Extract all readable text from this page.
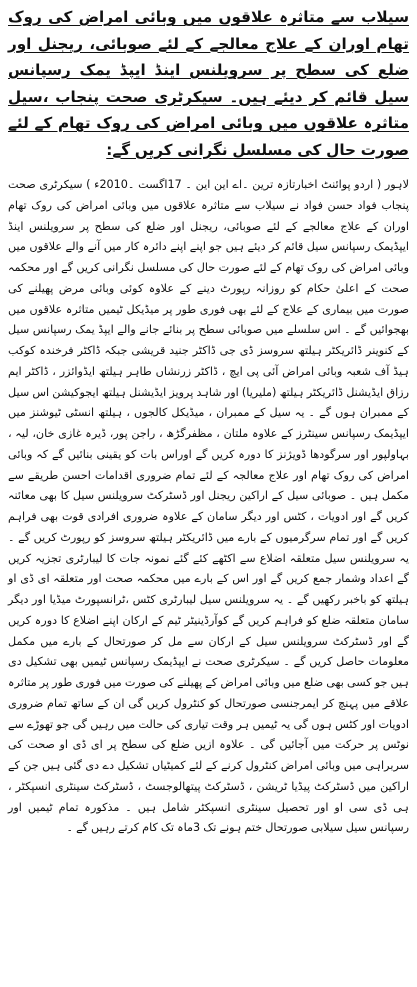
سیلاب سے متاثرہ علاقوں میں وبائی امراض کی روک تھام اوران کے علاج معالجے کے لئے صوبائی، ریجنل اور ضلع کی سطح پر سرویلنس اینڈ ایپڈ یمک رسپانس سیل قائم کر دیئے ہیں۔ سیکرٹری صحت پنجاب ،سیل متاثرہ علاقوں میں وبائی امراض کی روک تھام کے لئے صورت حال کی مسلسل نگرانی کریں گے:

لاہور ( اردو پوائنٹ اخبارتازہ ترین ۔اے این این ۔ 17اگست ۔2010ء ) سیکرٹری صحت پنجاب فواد حسن فواد نے سیلاب سے متاثرہ علاقوں میں وبائی امراض کی روک تھام اوران کے علاج معالجے کے لئے صوبائی، ریجنل اور ضلع کی سطح پر سرویلنس اینڈ ایپڈیمک رسپانس سیل قائم کر دیئے ہیں جو اپنے اپنے دائرہ کار میں آنے والے علاقوں میں وبائی امراض کی روک تھام کے لئے صورت حال کی مسلسل نگرانی کریں گے اور محکمہ صحت کے اعلیٰ حکام کو روزانہ رپورٹ دینے کے علاوہ کوئی وبائی مرض پھیلنے کی صورت میں بیماری کے علاج کے لئے بھی فوری طور پر میڈیکل ٹیمیں متاثرہ علاقوں میں بھجوائیں گے ۔ اس سلسلے میں صوبائی سطح پر بنائے جانے والے ایپڈ یمک رسپانس سیل کے کنوینر ڈائریکٹر ہیلتھ سروسز ڈی جی ڈاکٹر جنید قریشی جبکہ ڈاکٹر فرخندہ کوکب ہیڈ آف شعبہ وبائی امراض آئی پی ایچ ، ڈاکٹر زرنشاں طاہر ہیلتھ ایڈوائزر ، ڈاکٹر ایم رزاق ایڈیشنل ڈائریکٹر ہیلتھ (ملیریا) اور شاہد پرویز ایڈیشنل ہیلتھ ایجوکیشن اس سیل کے ممبران ہوں گے ۔ یہ سیل کے ممبران ، میڈیکل کالجوں ، ہیلتھ انسٹی ٹیوشنز میں ایپڈیمک رسپانس سینٹرز کے علاوہ ملتان ، مظفرگڑھ ، راجن پور، ڈیرہ غازی خان، لیہ ، بہاولپور اور سرگودھا ڈویژنز کا دورہ کریں گے اوراس بات کو یقینی بنائیں گے کہ وبائی امراض کی روک تھام اور علاج معالجہ کے لئے تمام ضروری اقدامات احسن طریقے سے مکمل ہیں ۔ صوبائی سیل کے اراکین ریجنل اور ڈسٹرکٹ سرویلنس سیل کا بھی معائنہ کریں گے اور ادویات ، کٹس اور دیگر سامان کے علاوہ ضروری افرادی قوت بھی فراہم کریں گے اور تمام سرگرمیوں کے بارے میں ڈائریکٹر ہیلتھ سروسز کو رپورٹ کریں گے ۔ یہ سرویلنس سیل متعلقہ اضلاع سے اکٹھے کئے گئے نمونہ جات کا لیبارٹری تجزیہ کریں گے اعداد وشمار جمع کریں گے اور اس کے بارے میں محکمہ صحت اور متعلقہ ای ڈی او ہیلتھ کو باخبر رکھیں گے ۔ یہ سرویلنس سیل لیبارٹری کٹس ،ٹرانسپورٹ میڈیا اور دیگر سامان متعلقہ ضلع کو فراہم کریں گے کوآرڈینیٹر ٹیم کے ارکان اپنے اضلاع کا دورہ کریں گے اور ڈسٹرکٹ سرویلنس سیل کے ارکان سے مل کر صورتحال کے بارے میں مکمل معلومات حاصل کریں گے ۔ سیکرٹری صحت نے ایپڈیمک رسپانس ٹیمیں بھی تشکیل دی ہیں جو کسی بھی ضلع میں وبائی امراض کے پھیلنے کی صورت میں فوری طور پر متاثرہ علاقے میں پہنچ کر ایمرجنسی صورتحال کو کنٹرول کریں گی ان کے ساتھ تمام ضروری ادویات اور کٹس ہوں گی یہ ٹیمیں ہر وقت تیاری کی حالت میں رہیں گی جو تھوڑے سے نوٹس پر حرکت میں آجائیں گی ۔ علاوہ ازیں ضلع کی سطح پر ای ڈی او صحت کی سربراہی میں وبائی امراض کنٹرول کرنے کے لئے کمیٹیاں تشکیل دے دی گئی ہیں جن کے اراکین میں ڈسٹرکٹ پیڈیا ٹریشن ، ڈسٹرکٹ پیتھالوجسٹ ، ڈسٹرکٹ سینٹری انسپکٹر ، ہی ڈی سی او اور تحصیل سینٹری انسپکٹر شامل ہیں ۔ مذکورہ تمام ٹیمیں اور رسپانس سیل سیلابی صورتحال ختم ہونے تک 3ماہ تک کام کرتے رہیں گے ۔
